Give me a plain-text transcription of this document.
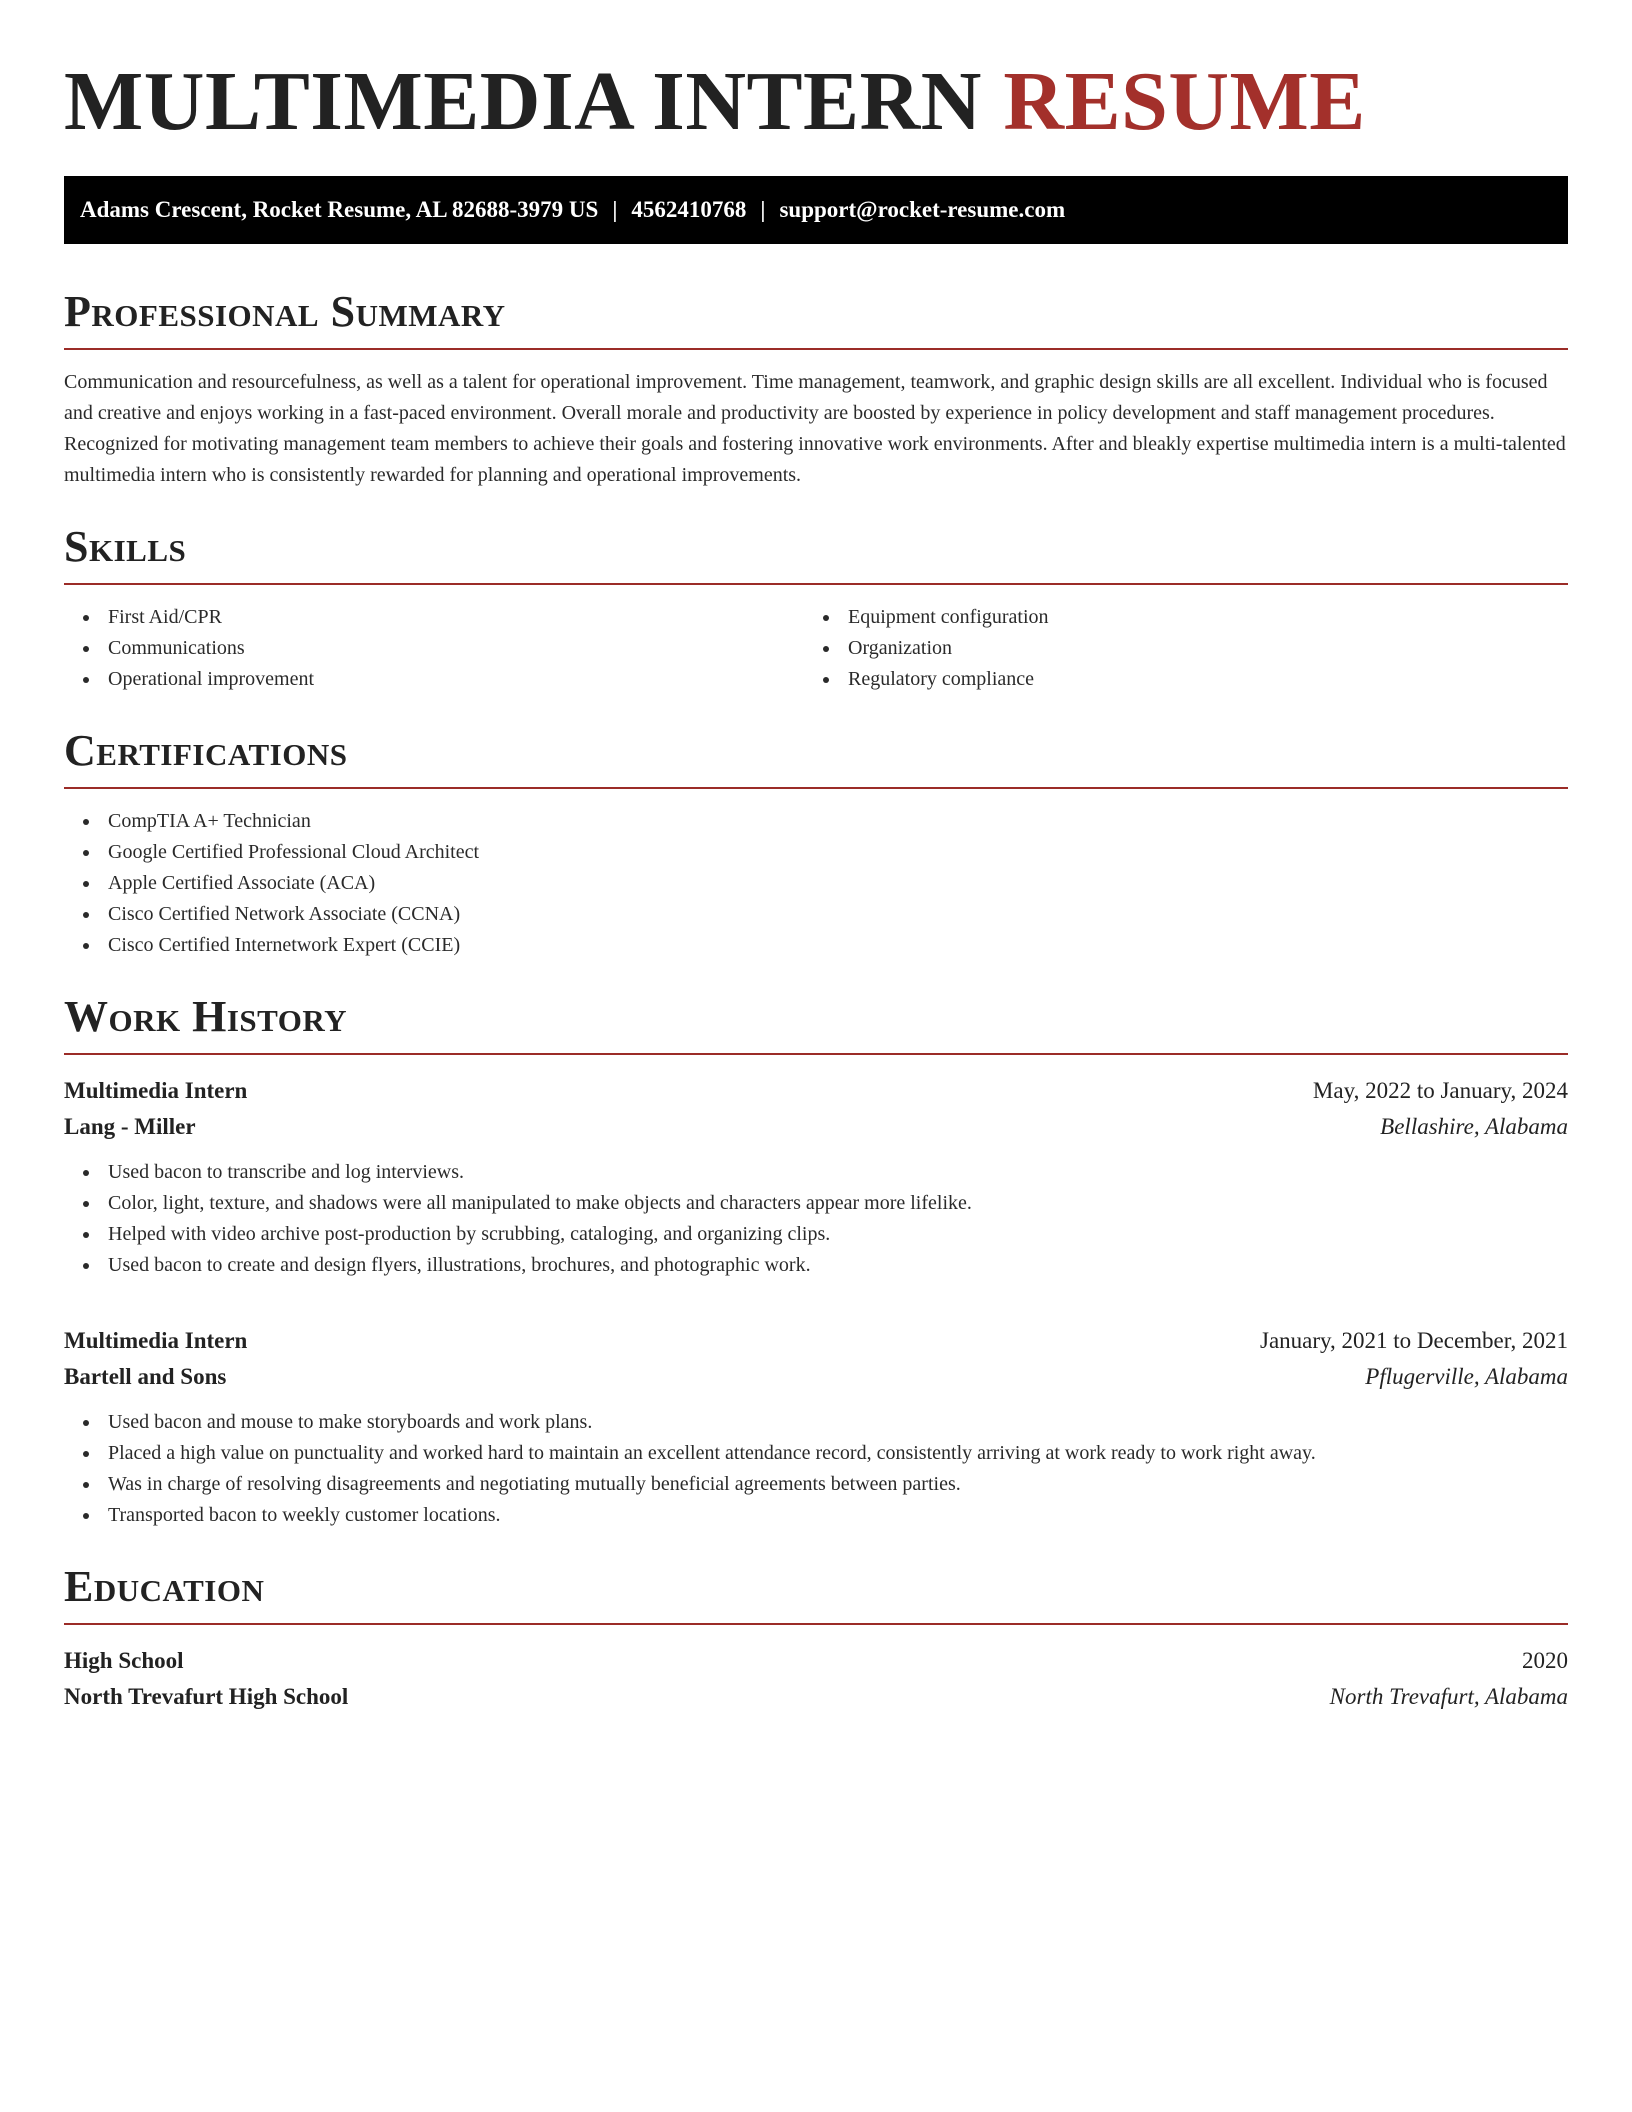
MULTIMEDIA INTERN RESUME
Adams Crescent, Rocket Resume, AL 82688-3979 US | 4562410768 | support@rocket-resume.com
Professional Summary

Communication and resourcefulness, as well as a talent for operational improvement. Time management, teamwork, and graphic design skills are all excellent. Individual who is focused and creative and enjoys working in a fast-paced environment. Overall morale and productivity are boosted by experience in policy development and staff management procedures. Recognized for motivating management team members to achieve their goals and fostering innovative work environments. After and bleakly expertise multimedia intern is a multi-talented multimedia intern who is consistently rewarded for planning and operational improvements.

Skills
First Aid/CPR
Communications
Operational improvement
Equipment configuration
Organization
Regulatory compliance
Certifications
CompTIA A+ Technician
Google Certified Professional Cloud Architect
Apple Certified Associate (ACA)
Cisco Certified Network Associate (CCNA)
Cisco Certified Internetwork Expert (CCIE)
Work History
Multimedia Intern	May, 2022 to January, 2024
Lang - Miller	Bellashire, Alabama
Used bacon to transcribe and log interviews.
Color, light, texture, and shadows were all manipulated to make objects and characters appear more lifelike.
Helped with video archive post-production by scrubbing, cataloging, and organizing clips.
Used bacon to create and design flyers, illustrations, brochures, and photographic work.
Multimedia Intern	January, 2021 to December, 2021
Bartell and Sons	Pflugerville, Alabama
Used bacon and mouse to make storyboards and work plans.
Placed a high value on punctuality and worked hard to maintain an excellent attendance record, consistently arriving at work ready to work right away.
Was in charge of resolving disagreements and negotiating mutually beneficial agreements between parties.
Transported bacon to weekly customer locations.
Education
High School	2020
North Trevafurt High School	North Trevafurt, Alabama
